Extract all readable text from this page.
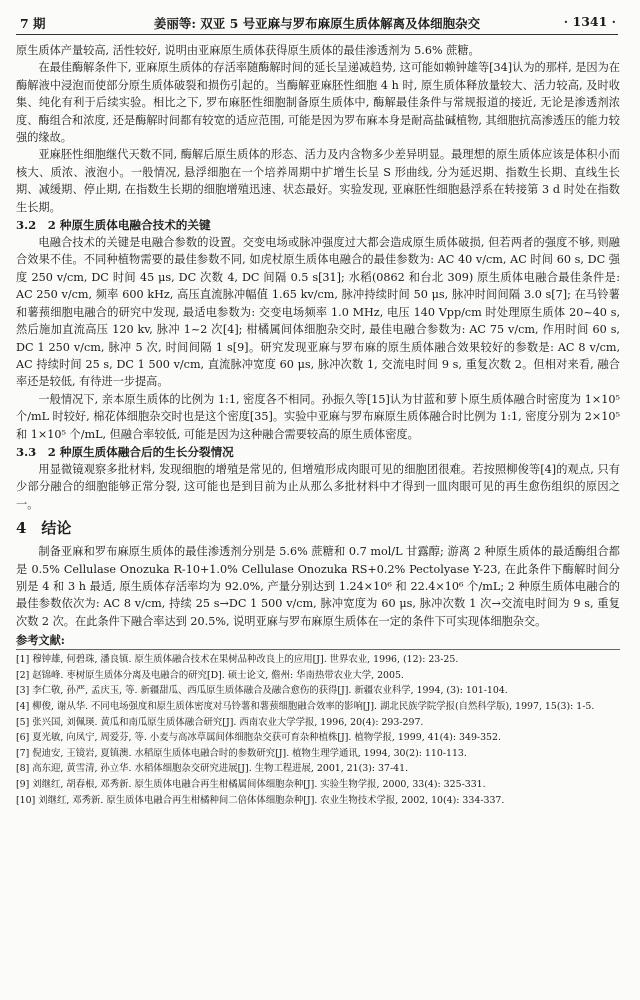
7 期	姜丽等: 双亚 5 号亚麻与罗布麻原生质体解离及体细胞杂交	· 1341 ·

原生质体产量较高, 活性较好, 说明由亚麻原生质体获得原生质体的最佳渗透剂为 5.6% 蔗糖。

在最佳酶解条件下, 亚麻原生质体的存活率随酶解时间的延长呈递减趋势, 这可能如赖钟雄等[34]认为的那样, 是因为在酶解液中浸泡而使部分原生质体破裂和损伤引起的。当酶解亚麻胚性细胞 4 h 时, 原生质体释放量较大、活力较高, 及时收集、纯化有利于后续实验。相比之下, 罗布麻胚性细胞制备原生质体中, 酶解最佳条件与常规报道的接近, 无论是渗透剂浓度、酶组合和浓度, 还是酶解时间都有较宽的适应范围, 可能是因为罗布麻本身是耐高盐碱植物, 其细胞抗高渗透压的能力较强的缘故。

亚麻胚性细胞继代天数不同, 酶解后原生质体的形态、活力及内含物多少差异明显。最理想的原生质体应该是体积小而核大、质浓、液泡小。一般情况, 悬浮细胞在一个培养周期中扩增生长呈 S 形曲线, 分为延迟期、指数生长期、直线生长期、减缓期、停止期, 在指数生长期的细胞增殖迅速、状态最好。实验发现, 亚麻胚性细胞悬浮系在转接第 3 d 时处在指数生长期。

3.2　2 种原生质体电融合技术的关键

电融合技术的关键是电融合参数的设置。交变电场或脉冲强度过大都会造成原生质体破损, 但若两者的强度不够, 则融合效果不佳。不同种植物需要的最佳参数不同, 如虎杖原生质体电融合的最佳参数为: AC 40 v/cm, AC 时间 60 s, DC 强度 250 v/cm, DC 时间 45 μs, DC 次数 4, DC 间隔 0.5 s[31]; 水稻(0862 和台北 309) 原生质体电融合最佳条件是: AC 250 v/cm, 频率 600 kHz, 高压直流脉冲幅值 1.65 kv/cm, 脉冲持续时间 50 μs, 脉冲时间间隔 3.0 s[7]; 在马铃薯和薯蓣细胞电融合的研究中发现, 最适电参数为: 交变电场频率 1.0 MHz, 电压 140 Vpp/cm 时处理原生质体 20~40 s, 然后施加直流高压 120 kv, 脉冲 1~2 次[4]; 柑橘属间体细胞杂交时, 最佳电融合参数为: AC 75 v/cm, 作用时间 60 s, DC 1 250 v/cm, 脉冲 5 次, 时间间隔 1 s[9]。研究发现亚麻与罗布麻的原生质体融合效果较好的参数是: AC 8 v/cm, AC 持续时间 25 s, DC 1 500 v/cm, 直流脉冲宽度 60 μs, 脉冲次数 1, 交流电时间 9 s, 重复次数 2。但相对来看, 融合率还是较低, 有待进一步提高。

一般情况下, 亲本原生质体的比例为 1:1, 密度各不相同。孙振久等[15]认为甘蓝和萝卜原生质体融合时密度为 1×10⁵ 个/mL 时较好, 棉花体细胞杂交时也是这个密度[35]。实验中亚麻与罗布麻原生质体融合时比例为 1:1, 密度分别为 2×10⁵ 和 1×10⁵ 个/mL, 但融合率较低, 可能是因为这种融合需要较高的原生质体密度。

3.3　2 种原生质体融合后的生长分裂情况

用显微镜观察多批材料, 发现细胞的增殖是常见的, 但增殖形成肉眼可见的细胞团很难。若按照柳俊等[4]的观点, 只有少部分融合的细胞能够正常分裂, 这可能也是到目前为止从那么多批材料中才得到一皿肉眼可见的再生愈伤组织的原因之一。

4　结论

制备亚麻和罗布麻原生质体的最佳渗透剂分别是 5.6% 蔗糖和 0.7 mol/L 甘露醇; 游离 2 种原生质体的最适酶组合都是 0.5% Cellulase Onozuka R-10+1.0% Cellulase Onozuka RS+0.2% Pectolyase Y-23, 在此条件下酶解时间分别是 4 和 3 h 最适, 原生质体存活率均为 92.0%, 产量分别达到 1.24×10⁶ 和 22.4×10⁶ 个/mL; 2 种原生质体电融合的最佳参数依次为: AC 8 v/cm, 持续 25 s→DC 1 500 v/cm, 脉冲宽度为 60 μs, 脉冲次数 1 次→交流电时间为 9 s, 重复次数 2 次。在此条件下融合率达到 20.5%, 说明亚麻与罗布麻原生质体在一定的条件下可实现体细胞杂交。

参考文献:
[1] 穆钟雄, 何碧珠, 潘良镇. 原生质体融合技术在果树品种改良上的应用[J]. 世界农业, 1996, (12): 23-25.
[2] 赵锦峰. 枣树原生质体分离及电融合的研究[D]. 硕士论文, 儋州: 华南热带农业大学, 2005.
[3] 李仁敬, 孙严, 孟庆玉, 等. 新疆甜瓜、西瓜原生质体融合及融合愈伤的获得[J]. 新疆农业科学, 1994, (3): 101-104.
[4] 柳俊, 谢从华. 不同电场强度和原生质体密度对马铃薯和薯蓣细胞融合效率的影响[J]. 湖北民族学院学报(自然科学版), 1997, 15(3): 1-5.
[5] 张兴国, 刘佩瑛. 黄瓜和南瓜原生质体融合研究[J]. 西南农业大学学报, 1996, 20(4): 293-297.
[6] 夏光敏, 向凤宁, 周爱芬, 等. 小麦与高冰草属间体细胞杂交获可育杂种植株[J]. 植物学报, 1999, 41(4): 349-352.
[7] 倪迪安, 王镜岩, 夏镇澳. 水稻原生质体电融合时的参数研究[J]. 植物生理学通讯, 1994, 30(2): 110-113.
[8] 高东迎, 黄雪清, 孙立华. 水稻体细胞杂交研究进展[J]. 生物工程进展, 2001, 21(3): 37-41.
[9] 刘继红, 胡春根, 邓秀新. 原生质体电融合再生柑橘属间体细胞杂种[J]. 实验生物学报, 2000, 33(4): 325-331.
[10] 刘继红, 邓秀新. 原生质体电融合再生柑橘种间二倍体体细胞杂种[J]. 农业生物技术学报, 2002, 10(4): 334-337.
